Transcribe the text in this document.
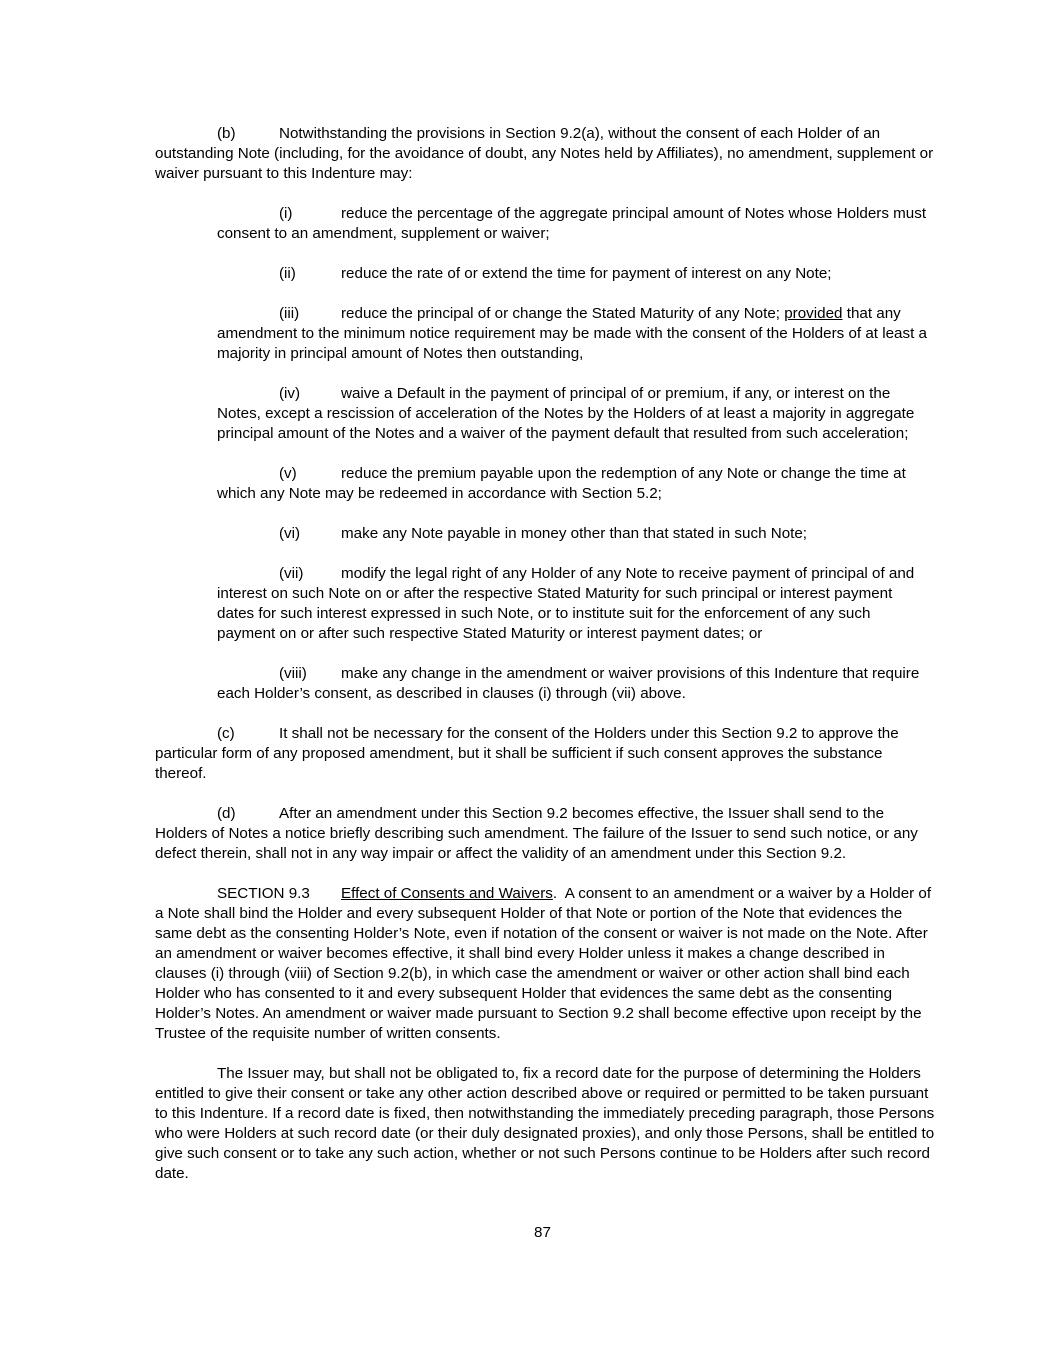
(b)	Notwithstanding the provisions in Section 9.2(a), without the consent of each Holder of an outstanding Note (including, for the avoidance of doubt, any Notes held by Affiliates), no amendment, supplement or waiver pursuant to this Indenture may:

(i)	reduce the percentage of the aggregate principal amount of Notes whose Holders must consent to an amendment, supplement or waiver;

(ii)	reduce the rate of or extend the time for payment of interest on any Note;

(iii)	reduce the principal of or change the Stated Maturity of any Note; provided that any amendment to the minimum notice requirement may be made with the consent of the Holders of at least a majority in principal amount of Notes then outstanding,

(iv)	waive a Default in the payment of principal of or premium, if any, or interest on the Notes, except a rescission of acceleration of the Notes by the Holders of at least a majority in aggregate principal amount of the Notes and a waiver of the payment default that resulted from such acceleration;

(v)	reduce the premium payable upon the redemption of any Note or change the time at which any Note may be redeemed in accordance with Section 5.2;

(vi)	make any Note payable in money other than that stated in such Note;

(vii) modify the legal right of any Holder of any Note to receive payment of principal of and interest on such Note on or after the respective Stated Maturity for such principal or interest payment dates for such interest expressed in such Note, or to institute suit for the enforcement of any such payment on or after such respective Stated Maturity or interest payment dates; or

(viii) make any change in the amendment or waiver provisions of this Indenture that require each Holder’s consent, as described in clauses (i) through (vii) above.

(c)	It shall not be necessary for the consent of the Holders under this Section 9.2 to approve the particular form of any proposed amendment, but it shall be sufficient if such consent approves the substance thereof.

(d)	After an amendment under this Section 9.2 becomes effective, the Issuer shall send to the Holders of Notes a notice briefly describing such amendment. The failure of the Issuer to send such notice, or any defect therein, shall not in any way impair or affect the validity of an amendment under this Section 9.2.

SECTION 9.3 Effect of Consents and Waivers.  A consent to an amendment or a waiver by a Holder of a Note shall bind the Holder and every subsequent Holder of that Note or portion of the Note that evidences the same debt as the consenting Holder’s Note, even if notation of the consent or waiver is not made on the Note. After an amendment or waiver becomes effective, it shall bind every Holder unless it makes a change described in clauses (i) through (viii) of Section 9.2(b), in which case the amendment or waiver or other action shall bind each Holder who has consented to it and every subsequent Holder that evidences the same debt as the consenting Holder’s Notes. An amendment or waiver made pursuant to Section 9.2 shall become effective upon receipt by the Trustee of the requisite number of written consents.

The Issuer may, but shall not be obligated to, fix a record date for the purpose of determining the Holders entitled to give their consent or take any other action described above or required or permitted to be taken pursuant to this Indenture. If a record date is fixed, then notwithstanding the immediately preceding paragraph, those Persons who were Holders at such record date (or their duly designated proxies), and only those Persons, shall be entitled to give such consent or to take any such action, whether or not such Persons continue to be Holders after such record date.

87
